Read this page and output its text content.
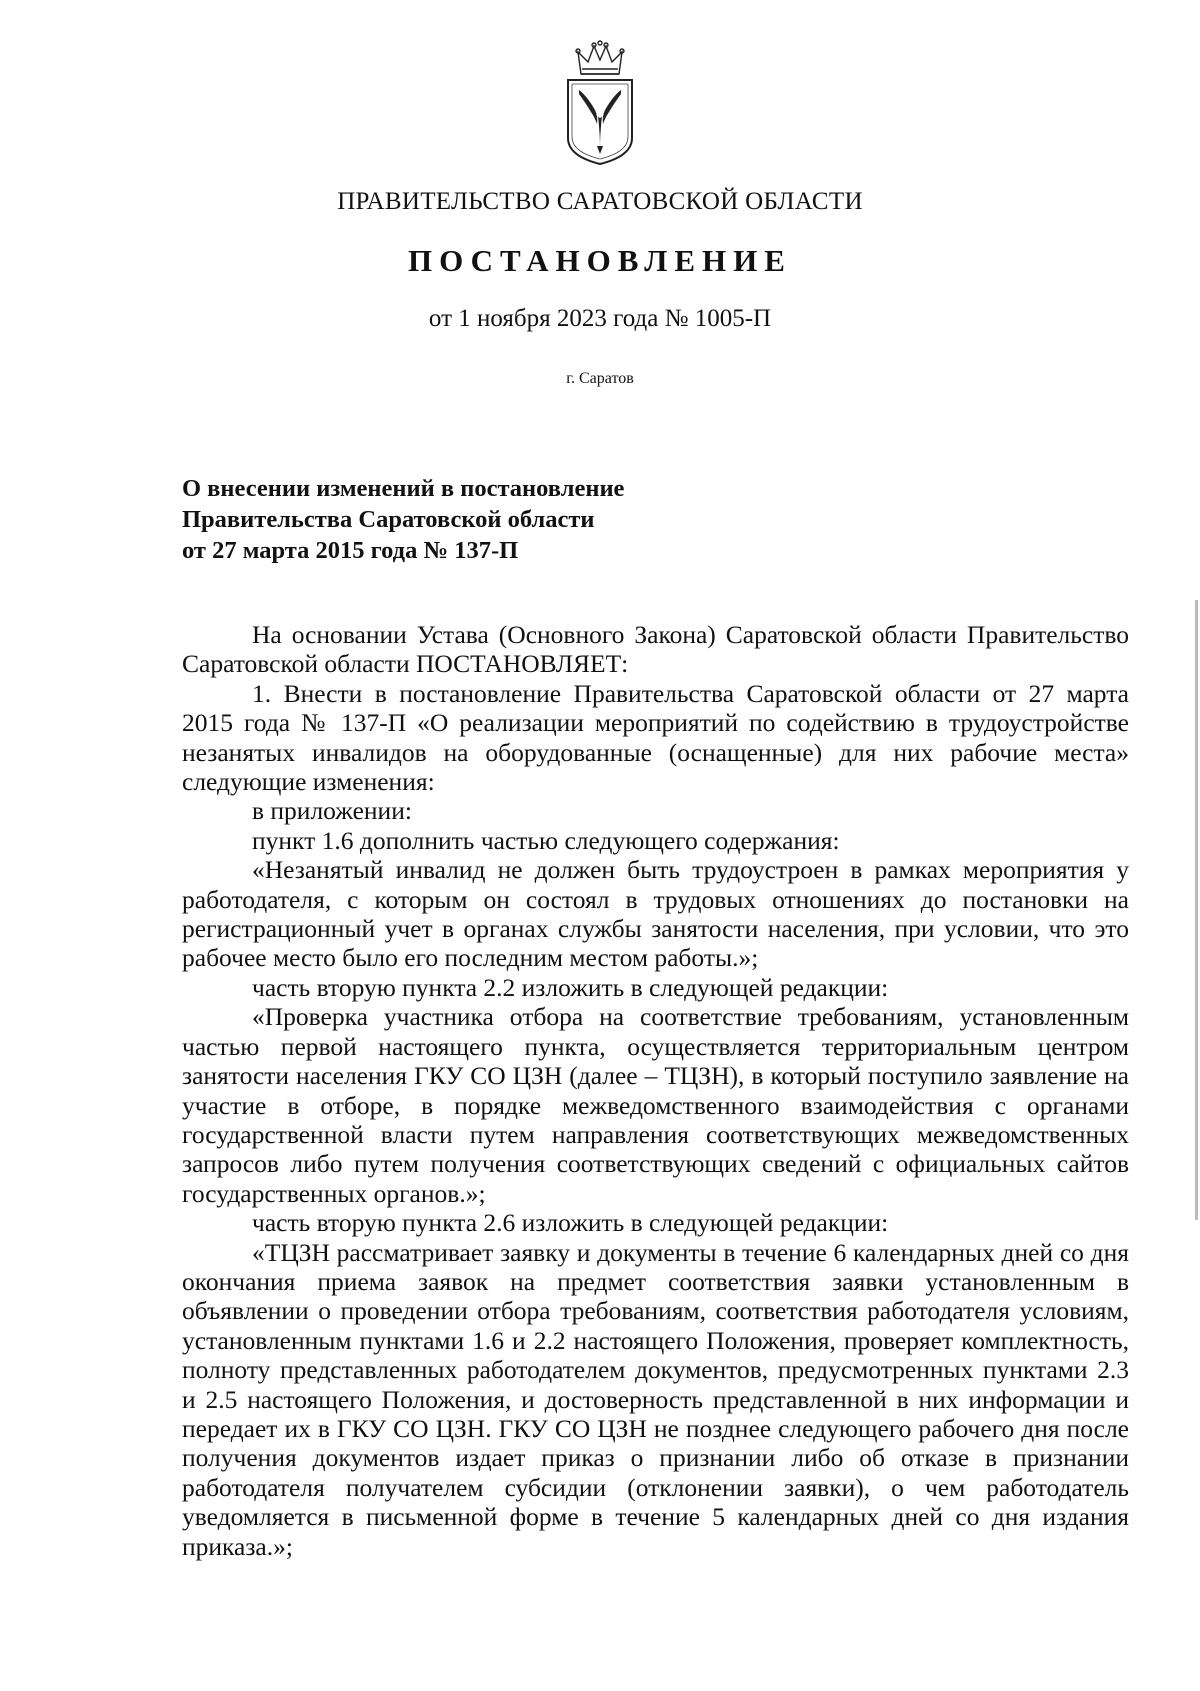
ПРАВИТЕЛЬСТВО САРАТОВСКОЙ ОБЛАСТИ
ПОСТАНОВЛЕНИЕ
от 1 ноября 2023 года № 1005-П
г. Саратов
О внесении изменений в постановление
Правительства Саратовской области
от 27 марта 2015 года № 137-П

На основании Устава (Основного Закона) Саратовской области Правительство Саратовской области ПОСТАНОВЛЯЕТ:

1. Внести в постановление Правительства Саратовской области от 27 марта 2015 года № 137-П «О реализации мероприятий по содействию в трудоустройстве незанятых инвалидов на оборудованные (оснащенные) для них рабочие места» следующие изменения:

в приложении:

пункт 1.6 дополнить частью следующего содержания:

«Незанятый инвалид не должен быть трудоустроен в рамках мероприятия у работодателя, с которым он состоял в трудовых отношениях до постановки на регистрационный учет в органах службы занятости населения, при условии, что это рабочее место было его последним местом работы.»;

часть вторую пункта 2.2 изложить в следующей редакции:

«Проверка участника отбора на соответствие требованиям, установленным частью первой настоящего пункта, осуществляется территориальным центром занятости населения ГКУ СО ЦЗН (далее – ТЦЗН), в который поступило заявление на участие в отборе, в порядке межведомственного взаимодействия с органами государственной власти путем направления соответствующих межведомственных запросов либо путем получения соответствующих сведений с официальных сайтов государственных органов.»;

часть вторую пункта 2.6 изложить в следующей редакции:

«ТЦЗН рассматривает заявку и документы в течение 6 календарных дней со дня окончания приема заявок на предмет соответствия заявки установленным в объявлении о проведении отбора требованиям, соответствия работодателя условиям, установленным пунктами 1.6 и 2.2 настоящего Положения, проверяет комплектность, полноту представленных работодателем документов, предусмотренных пунктами 2.3 и 2.5 настоящего Положения, и достоверность представленной в них информации и передает их в ГКУ СО ЦЗН. ГКУ СО ЦЗН не позднее следующего рабочего дня после получения документов издает приказ о признании либо об отказе в признании работодателя получателем субсидии (отклонении заявки), о чем работодатель уведомляется в письменной форме в течение 5 календарных дней со дня издания приказа.»;
